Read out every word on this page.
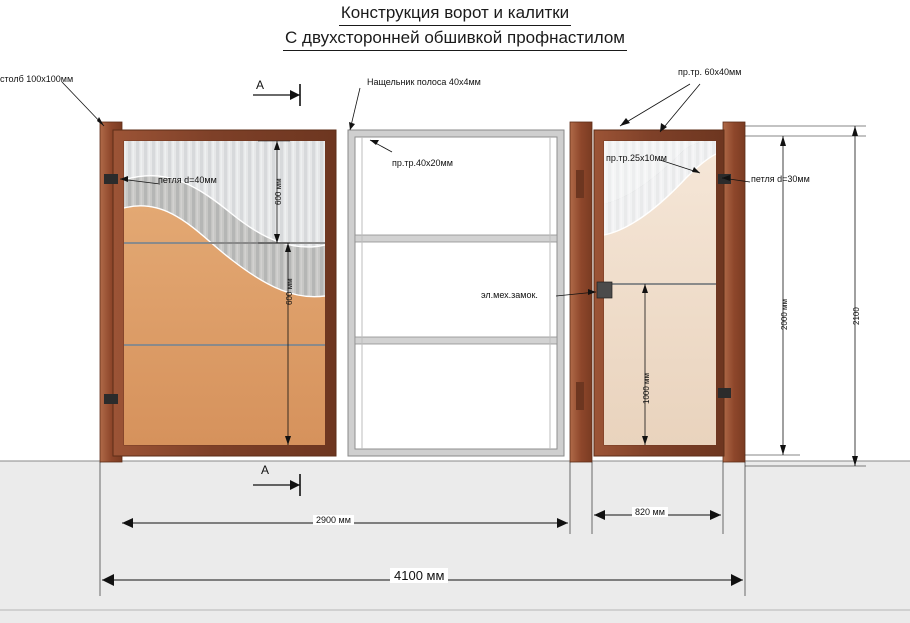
Конструкция ворот и калитки
С двухсторонней обшивкой профнастилом
столб 100x100мм	Нащельник полоса 40x4мм
пр.тр. 60x40мм
пр.тр.40x20мм	пр.тр.25x10мм
петля d=40мм	петля d=30мм
эл.мех.замок.
A
A
600 мм
600 мм
1000 мм
2000 мм	2100
2900 мм
820 мм
4100 мм
